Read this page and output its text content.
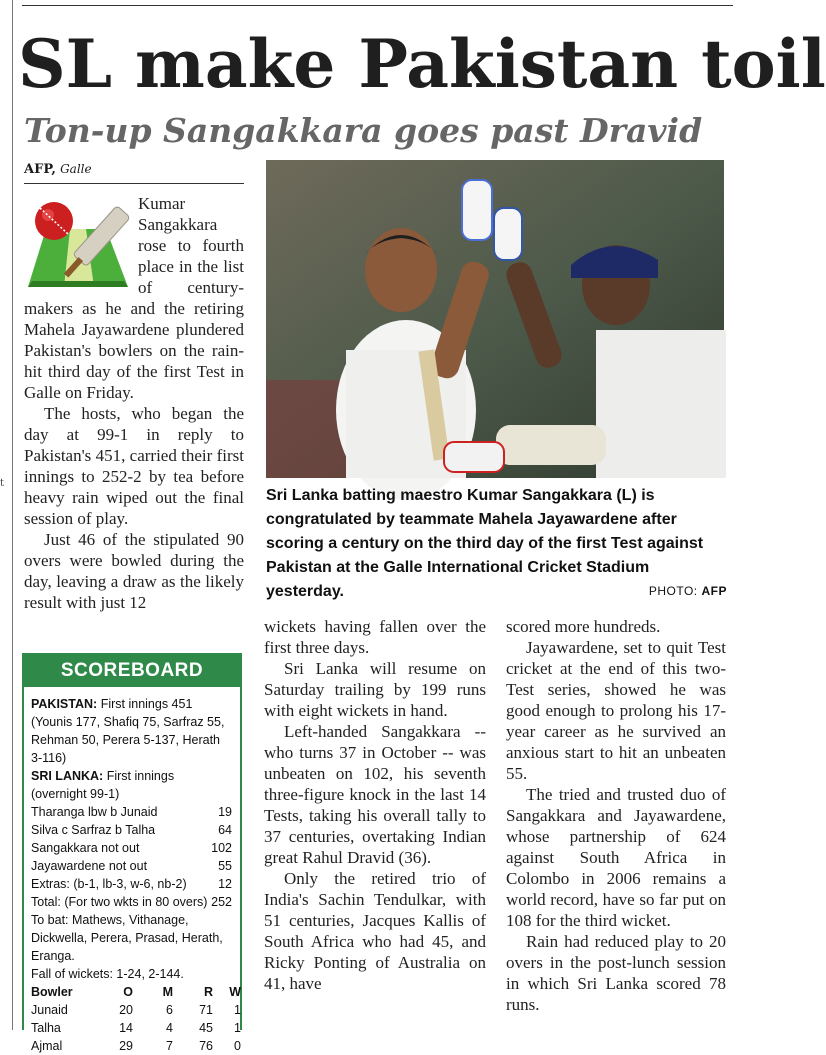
t
SL make Pakistan toil
Ton-up Sangakkara goes past Dravid
AFP, Galle

Kumar Sangakkara rose to fourth place in the list of century-makers as he and the retiring Mahela Jayawardene plundered Pakistan's bowlers on the rain-hit third day of the first Test in Galle on Friday.

The hosts, who began the day at 99-1 in reply to Pakistan's 451, carried their first innings to 252-2 by tea before heavy rain wiped out the final session of play.

Just 46 of the stipulated 90 overs were bowled during the day, leaving a draw as the likely result with just 12

Sri Lanka batting maestro Kumar Sangakkara (L) is congratulated by teammate Mahela Jayawardene after scoring a century on the third day of the first Test against Pakistan at the Galle International Cricket Stadium yesterday.	PHOTO: AFP
SCOREBOARD
PAKISTAN: First innings 451 (Younis 177, Shafiq 75, Sarfraz 55, Rehman 50, Perera 5-137, Herath 3-116)
SRI LANKA: First innings (overnight 99-1)
Tharanga lbw b Junaid	19
Silva c Sarfraz b Talha	64
Sangakkara not out	102
Jayawardene not out	55
Extras: (b-1, lb-3, w-6, nb-2)	12
Total: (For two wkts in 80 overs) 252
To bat: Mathews, Vithanage, Dickwella, Perera, Prasad, Herath, Eranga.
Fall of wickets: 1-24, 2-144.
Bowler	O	M	R	W
Junaid	20	6	71	1
Talha	14	4	45	1
Ajmal	29	7	76	0

wickets having fallen over the first three days.

Sri Lanka will resume on Saturday trailing by 199 runs with eight wickets in hand.

Left-handed Sangakkara -- who turns 37 in October -- was unbeaten on 102, his seventh three-figure knock in the last 14 Tests, taking his overall tally to 37 centuries, overtaking Indian great Rahul Dravid (36).

Only the retired trio of India's Sachin Tendulkar, with 51 centuries, Jacques Kallis of South Africa who had 45, and Ricky Ponting of Australia on 41, have

scored more hundreds.

Jayawardene, set to quit Test cricket at the end of this two-Test series, showed he was good enough to prolong his 17-year career as he survived an anxious start to hit an unbeaten 55.

The tried and trusted duo of Sangakkara and Jayawardene, whose partnership of 624 against South Africa in Colombo in 2006 remains a world record, have so far put on 108 for the third wicket.

Rain had reduced play to 20 overs in the post-lunch session in which Sri Lanka scored 78 runs.
